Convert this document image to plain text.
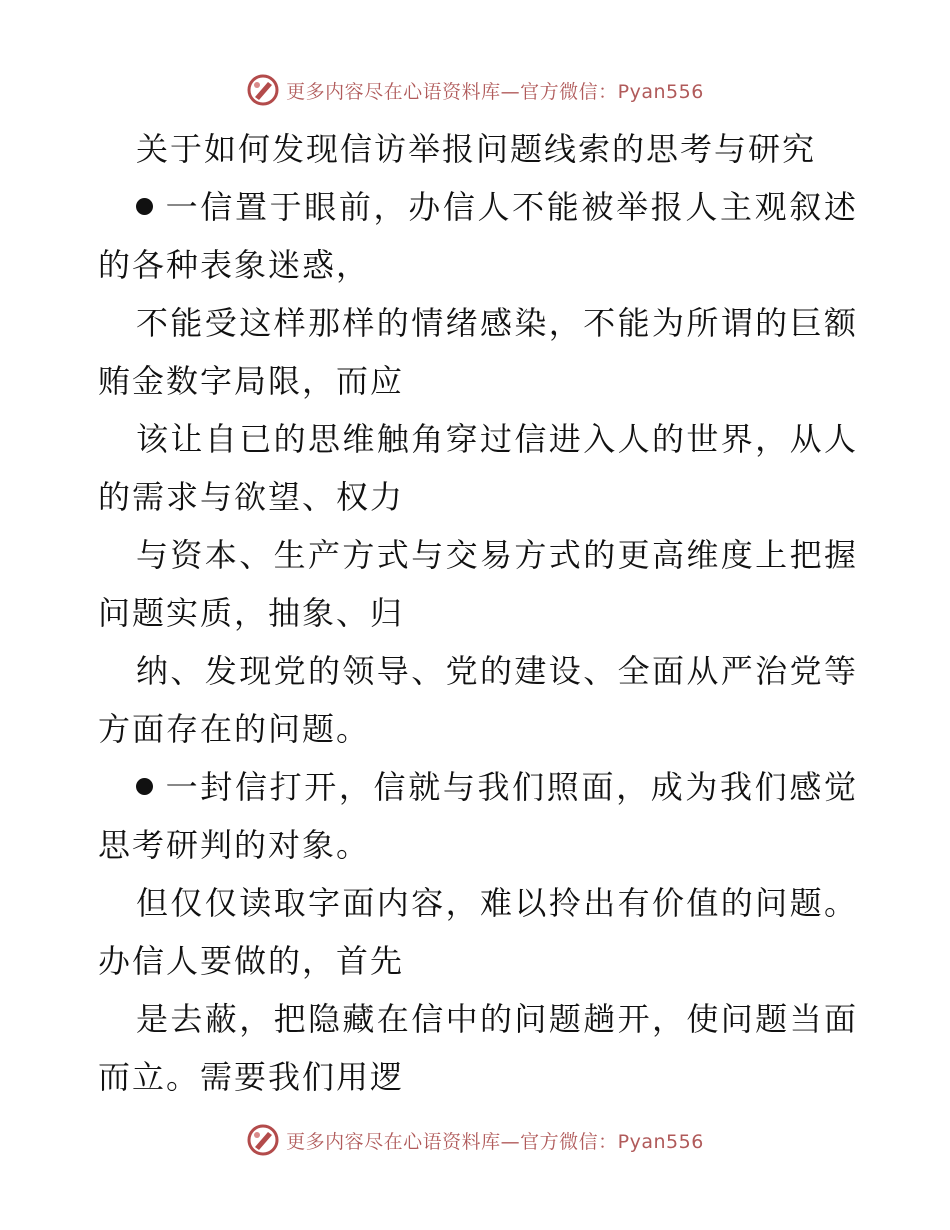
更多内容尽在心语资料库—官方微信：Pyan556

关于如何发现信访举报问题线索的思考与研究

一信置于眼前，办信人不能被举报人主观叙述的各种表象迷惑，

不能受这样那样的情绪感染，不能为所谓的巨额贿金数字局限，而应

该让自已的思维触角穿过信进入人的世界，从人的需求与欲望、权力

与资本、生产方式与交易方式的更高维度上把握问题实质，抽象、归

纳、发现党的领导、党的建设、全面从严治党等方面存在的问题。

一封信打开，信就与我们照面，成为我们感觉思考研判的对象。

但仅仅读取字面内容，难以拎出有价值的问题。办信人要做的，首先

是去蔽，把隐藏在信中的问题趟开，使问题当面而立。需要我们用逻

更多内容尽在心语资料库—官方微信：Pyan556
